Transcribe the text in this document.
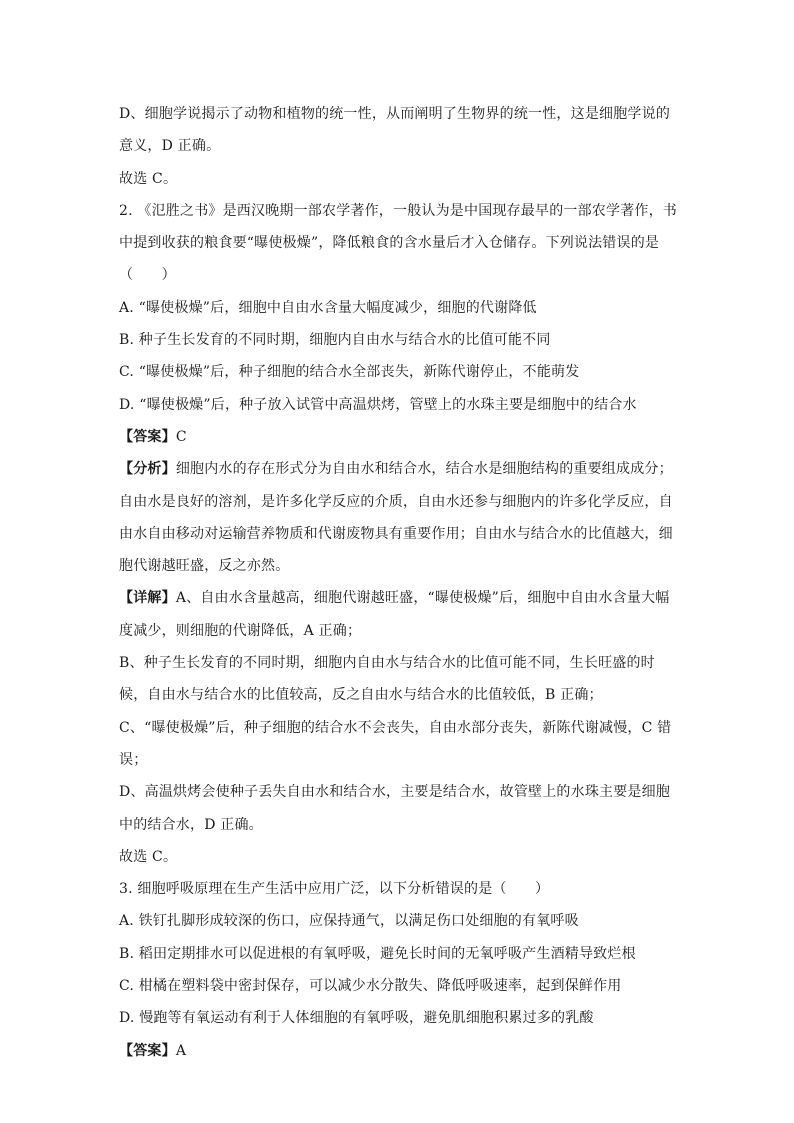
D、细胞学说揭示了动物和植物的统一性，从而阐明了生物界的统一性，这是细胞学说的
意义，D 正确。
故选 C。
2. 《氾胜之书》是西汉晚期一部农学著作，一般认为是中国现存最早的一部农学著作，书
中提到收获的粮食要“曝使极燥”，降低粮食的含水量后才入仓储存。下列说法错误的是
（　　）
A. “曝使极燥”后，细胞中自由水含量大幅度减少，细胞的代谢降低
B. 种子生长发育的不同时期，细胞内自由水与结合水的比值可能不同
C. “曝使极燥”后，种子细胞的结合水全部丧失，新陈代谢停止，不能萌发
D. “曝使极燥”后，种子放入试管中高温烘烤，管壁上的水珠主要是细胞中的结合水
【答案】C
【分析】细胞内水的存在形式分为自由水和结合水，结合水是细胞结构的重要组成成分；
自由水是良好的溶剂，是许多化学反应的介质，自由水还参与细胞内的许多化学反应，自
由水自由移动对运输营养物质和代谢废物具有重要作用；自由水与结合水的比值越大，细
胞代谢越旺盛，反之亦然。
【详解】A、自由水含量越高，细胞代谢越旺盛，“曝使极燥”后，细胞中自由水含量大幅
度减少，则细胞的代谢降低，A 正确；
B、种子生长发育的不同时期，细胞内自由水与结合水的比值可能不同，生长旺盛的时
候，自由水与结合水的比值较高，反之自由水与结合水的比值较低，B 正确；
C、“曝使极燥”后，种子细胞的结合水不会丧失，自由水部分丧失，新陈代谢减慢，C 错
误；
D、高温烘烤会使种子丢失自由水和结合水，主要是结合水，故管壁上的水珠主要是细胞
中的结合水，D 正确。
故选 C。
3. 细胞呼吸原理在生产生活中应用广泛，以下分析错误的是（　　）
A. 铁钉扎脚形成较深的伤口，应保持通气，以满足伤口处细胞的有氧呼吸
B. 稻田定期排水可以促进根的有氧呼吸，避免长时间的无氧呼吸产生酒精导致烂根
C. 柑橘在塑料袋中密封保存，可以减少水分散失、降低呼吸速率，起到保鲜作用
D. 慢跑等有氧运动有利于人体细胞的有氧呼吸，避免肌细胞积累过多的乳酸
【答案】A
